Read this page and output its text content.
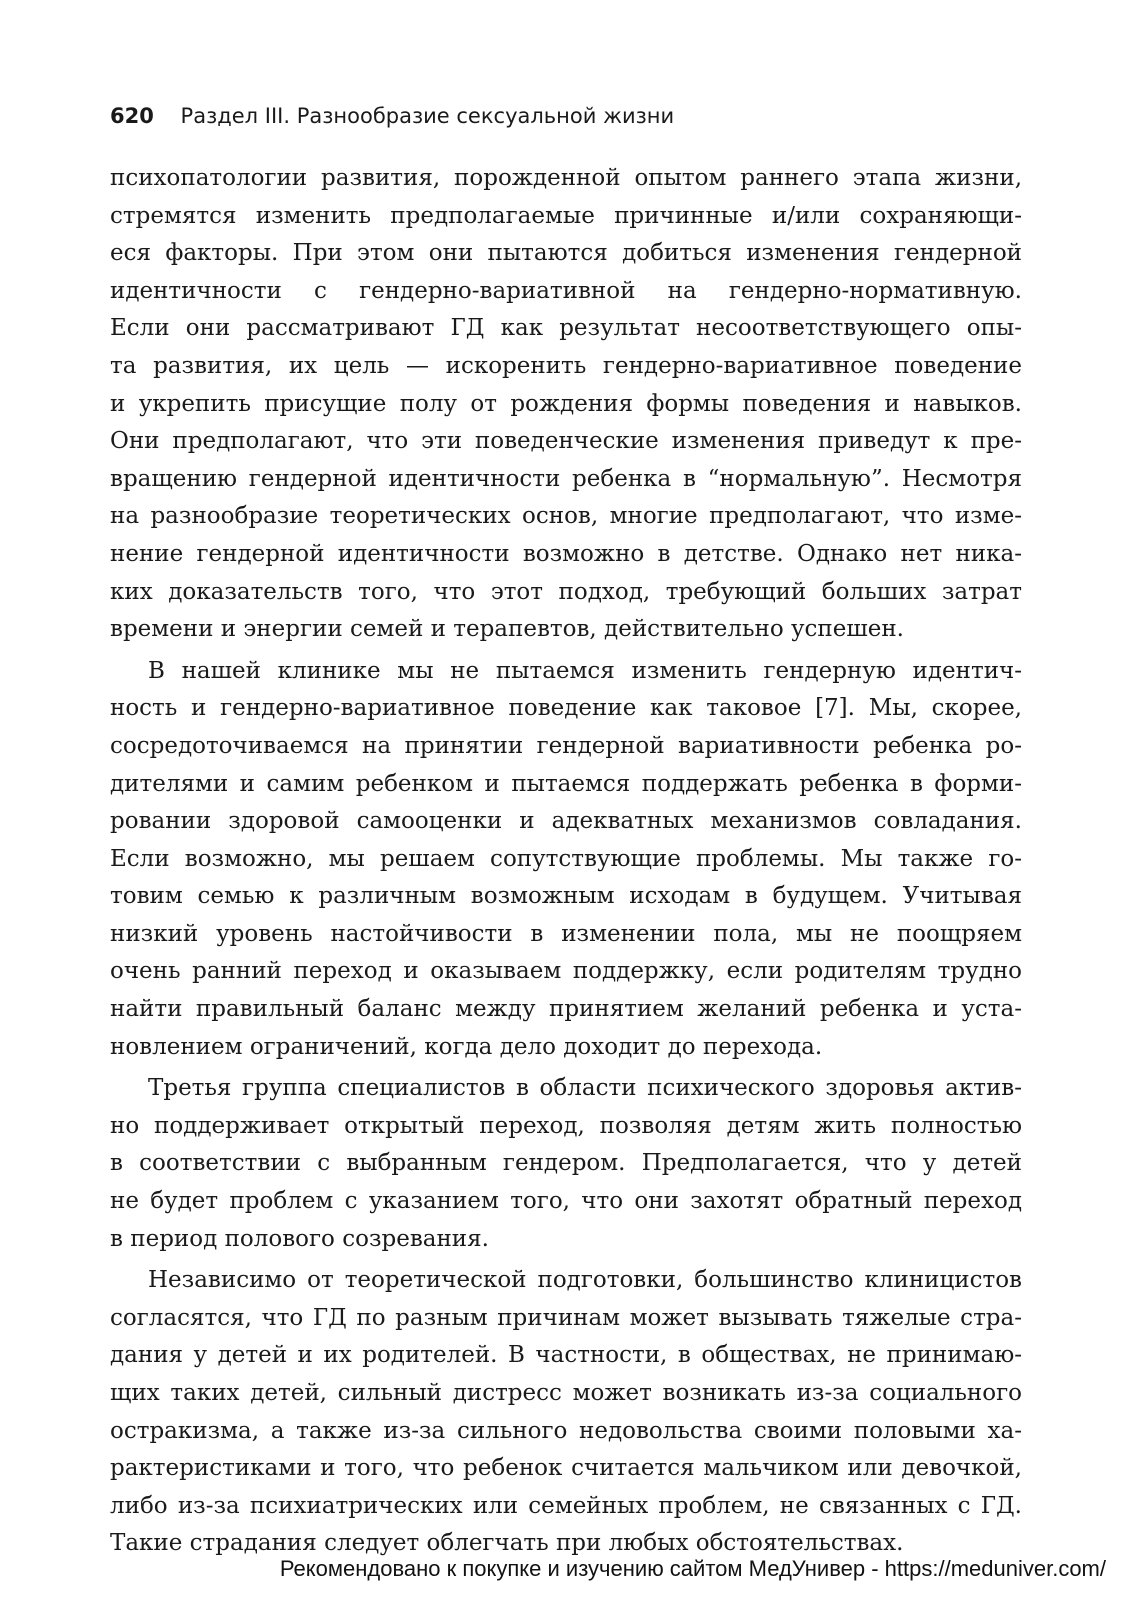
620 Раздел III. Разнообразие сексуальной жизни
психопатологии развития, порожденной опытом раннего этапа жизни,
стремятся изменить предполагаемые причинные и/или сохраняющи-
еся факторы. При этом они пытаются добиться изменения гендерной
идентичности с гендерно-вариативной на гендерно-нормативную.
Если они рассматривают ГД как результат несоответствующего опы-
та развития, их цель — искоренить гендерно-вариативное поведение
и укрепить присущие полу от рождения формы поведения и навыков.
Они предполагают, что эти поведенческие изменения приведут к пре-
вращению гендерной идентичности ребенка в “нормальную”. Несмотря
на разнообразие теоретических основ, многие предполагают, что изме-
нение гендерной идентичности возможно в детстве. Однако нет ника-
ких доказательств того, что этот подход, требующий больших затрат
времени и энергии семей и терапевтов, действительно успешен.
В нашей клинике мы не пытаемся изменить гендерную идентич-
ность и гендерно-вариативное поведение как таковое [7]. Мы, скорее,
сосредоточиваемся на принятии гендерной вариативности ребенка ро-
дителями и самим ребенком и пытаемся поддержать ребенка в форми-
ровании здоровой самооценки и адекватных механизмов совладания.
Если возможно, мы решаем сопутствующие проблемы. Мы также го-
товим семью к различным возможным исходам в будущем. Учитывая
низкий уровень настойчивости в изменении пола, мы не поощряем
очень ранний переход и оказываем поддержку, если родителям трудно
найти правильный баланс между принятием желаний ребенка и уста-
новлением ограничений, когда дело доходит до перехода.
Третья группа специалистов в области психического здоровья актив-
но поддерживает открытый переход, позволяя детям жить полностью
в соответствии с выбранным гендером. Предполагается, что у детей
не будет проблем с указанием того, что они захотят обратный переход
в период полового созревания.
Независимо от теоретической подготовки, большинство клиницистов
согласятся, что ГД по разным причинам может вызывать тяжелые стра-
дания у детей и их родителей. В частности, в обществах, не принимаю-
щих таких детей, сильный дистресс может возникать из-за социального
остракизма, а также из-за сильного недовольства своими половыми ха-
рактеристиками и того, что ребенок считается мальчиком или девочкой,
либо из-за психиатрических или семейных проблем, не связанных с ГД.
Такие страдания следует облегчать при любых обстоятельствах.
Рекомендовано к покупке и изучению сайтом МедУнивер - https://meduniver.com/
